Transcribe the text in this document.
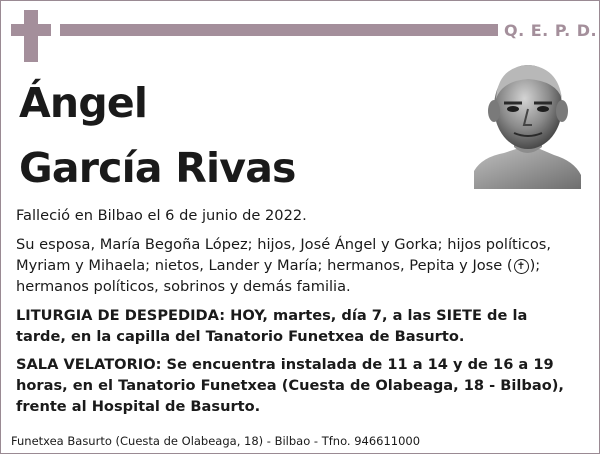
Q. E. P. D.
Ángel
García Rivas
Falleció en Bilbao el 6 de junio de 2022.
Su esposa, María Begoña López; hijos, José Ángel y Gorka; hijos políticos, Myriam y Mihaela; nietos, Lander y María; hermanos, Pepita y Jose ( ✝ ); hermanos políticos, sobrinos y demás familia.
LITURGIA DE DESPEDIDA: HOY, martes, día 7, a las SIETE de la tarde, en la capilla del Tanatorio Funetxea de Basurto.
SALA VELATORIO: Se encuentra instalada de 11 a 14 y de 16 a 19 horas, en el Tanatorio Funetxea (Cuesta de Olabeaga, 18 - Bilbao), frente al Hospital de Basurto.
Funetxea Basurto (Cuesta de Olabeaga, 18) - Bilbao - Tfno. 946611000
